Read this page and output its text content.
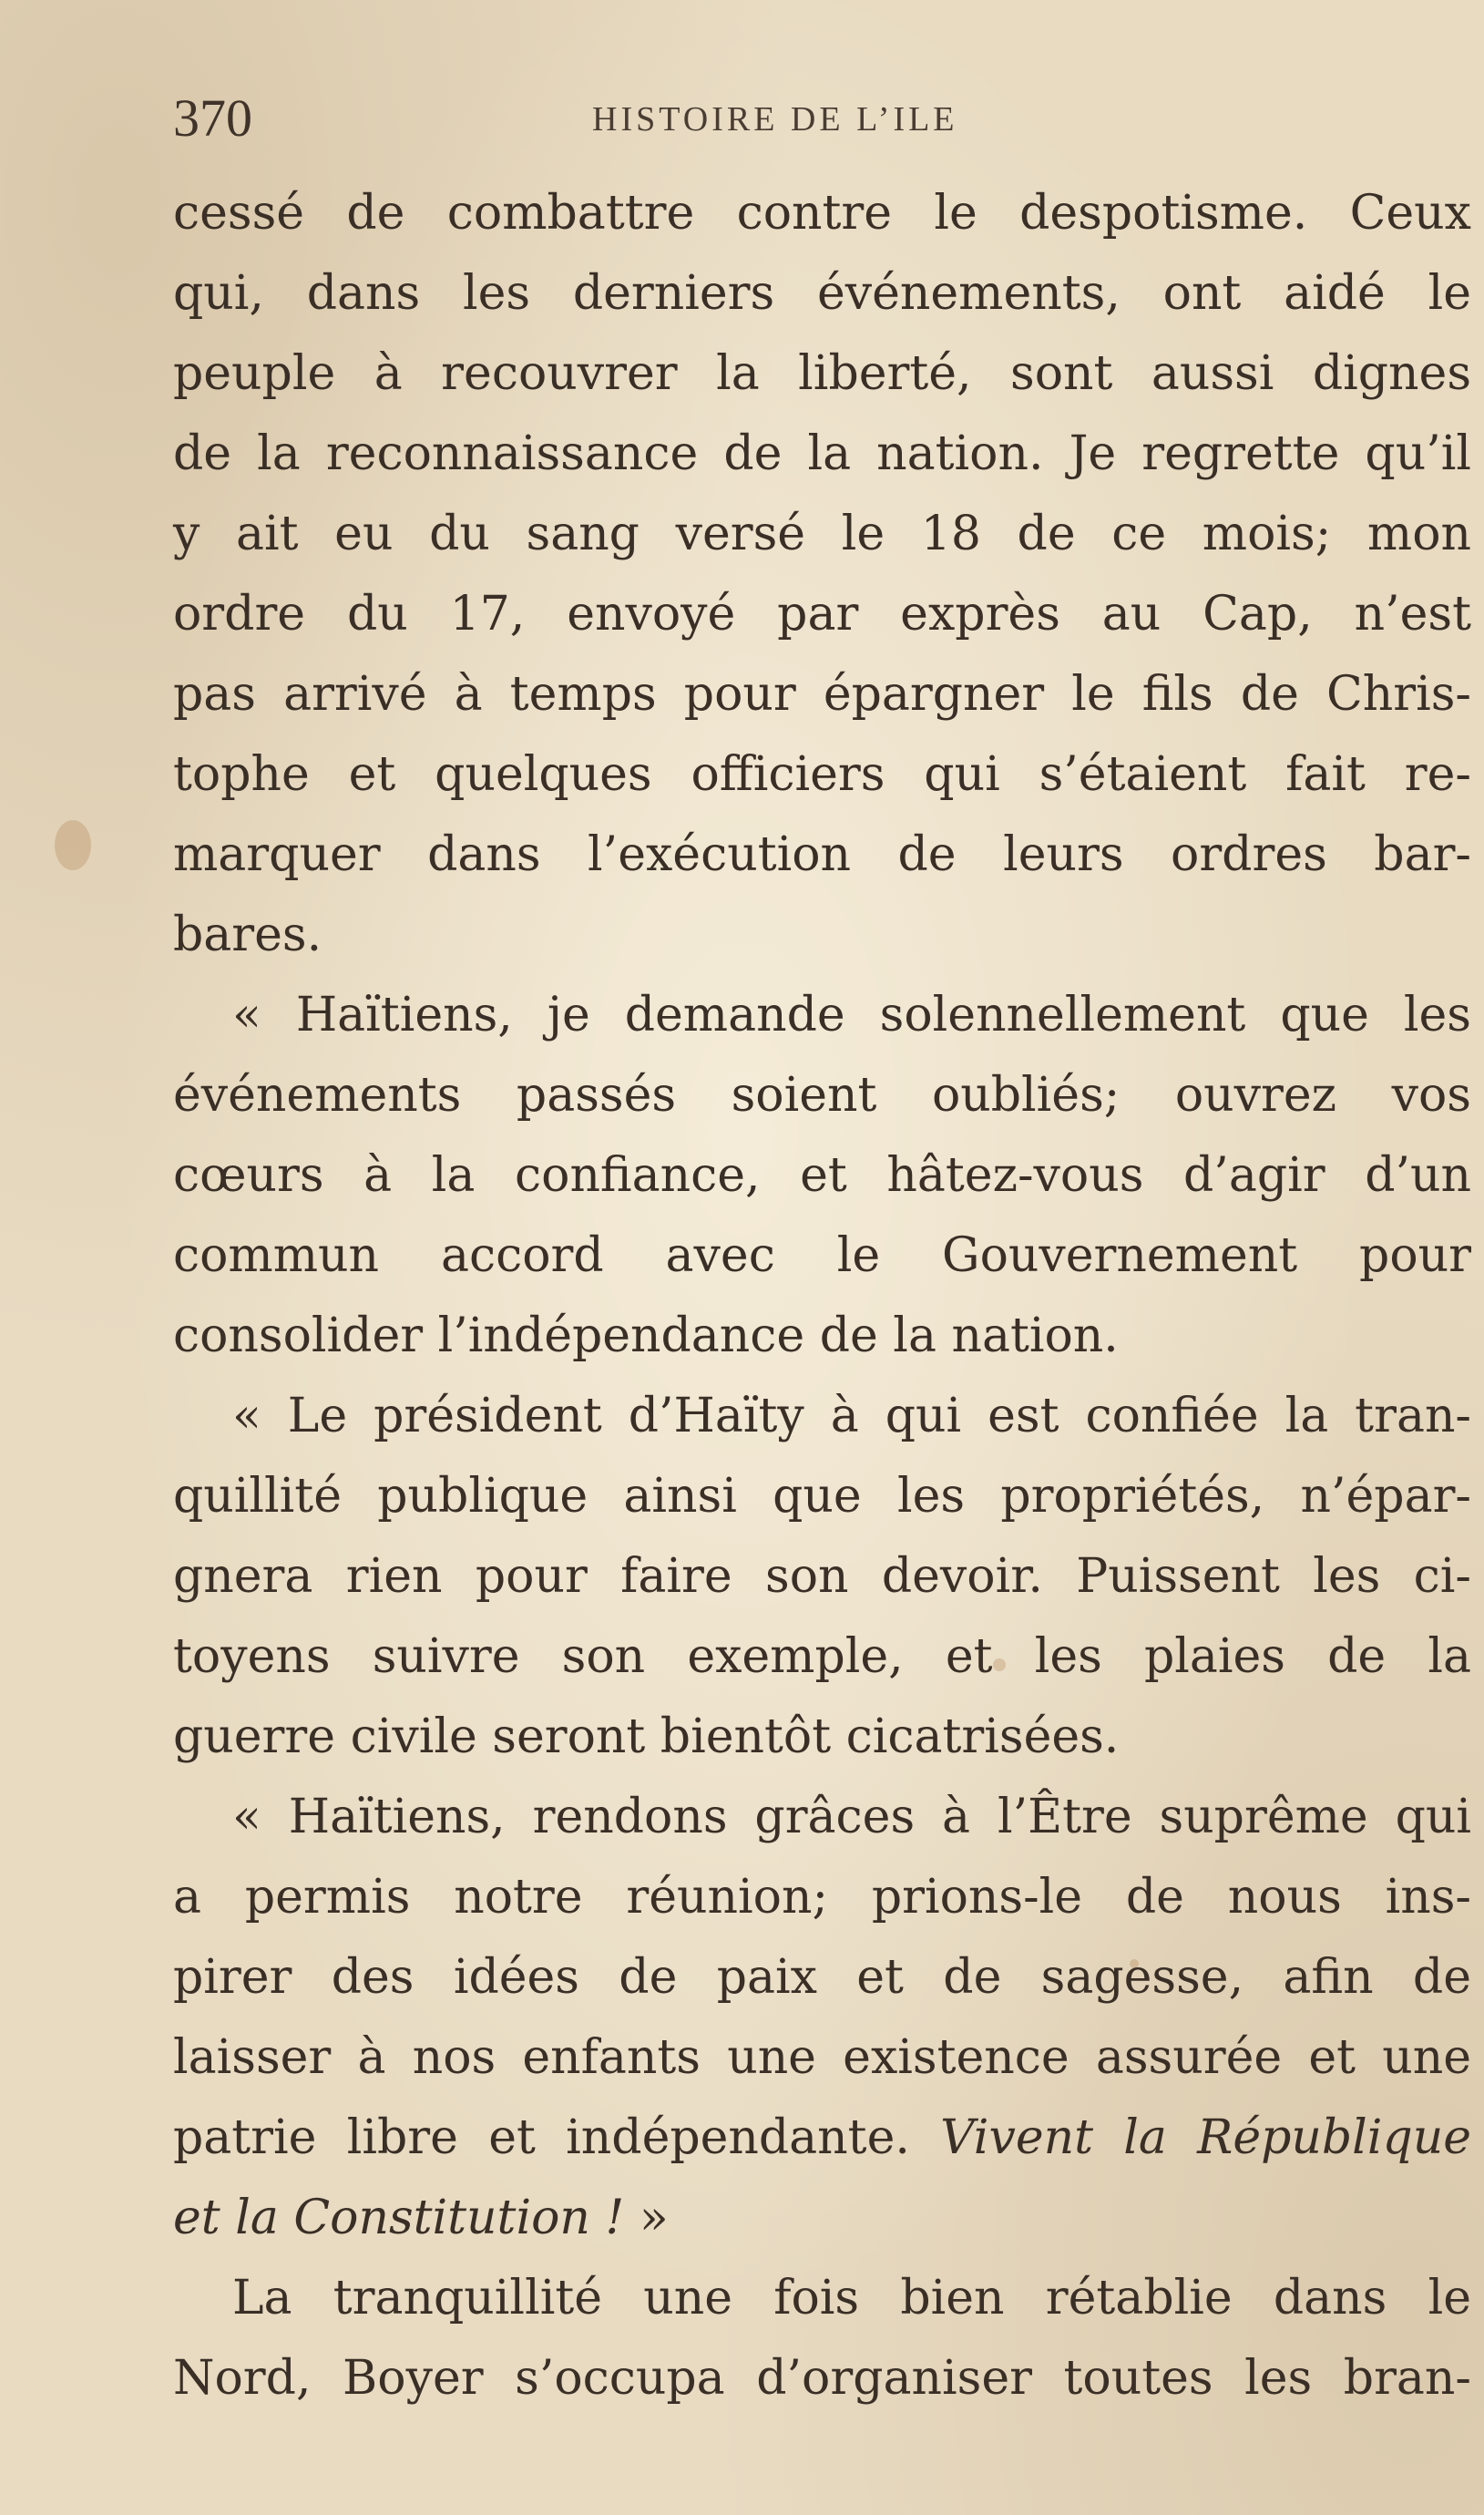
370	HISTOIRE DE L’ILE
cessé de combattre contre le despotisme. Ceux
qui, dans les derniers événements, ont aidé le
peuple à recouvrer la liberté, sont aussi dignes
de la reconnaissance de la nation. Je regrette qu’il
y ait eu du sang versé le 18 de ce mois; mon
ordre du 17, envoyé par exprès au Cap, n’est
pas arrivé à temps pour épargner le fils de Chris-
tophe et quelques officiers qui s’étaient fait re-
marquer dans l’exécution de leurs ordres bar-
bares.
« Haïtiens, je demande solennellement que les
événements passés soient oubliés; ouvrez vos
cœurs à la confiance, et hâtez-vous d’agir d’un
commun accord avec le Gouvernement pour
consolider l’indépendance de la nation.
« Le président d’Haïty à qui est confiée la tran-
quillité publique ainsi que les propriétés, n’épar-
gnera rien pour faire son devoir. Puissent les ci-
toyens suivre son exemple, et les plaies de la
guerre civile seront bientôt cicatrisées.
« Haïtiens, rendons grâces à l’Être suprême qui
a permis notre réunion; prions-le de nous ins-
pirer des idées de paix et de sagesse, afin de
laisser à nos enfants une existence assurée et une
patrie libre et indépendante. Vivent la République
et la Constitution ! »
La tranquillité une fois bien rétablie dans le
Nord, Boyer s’occupa d’organiser toutes les bran-
